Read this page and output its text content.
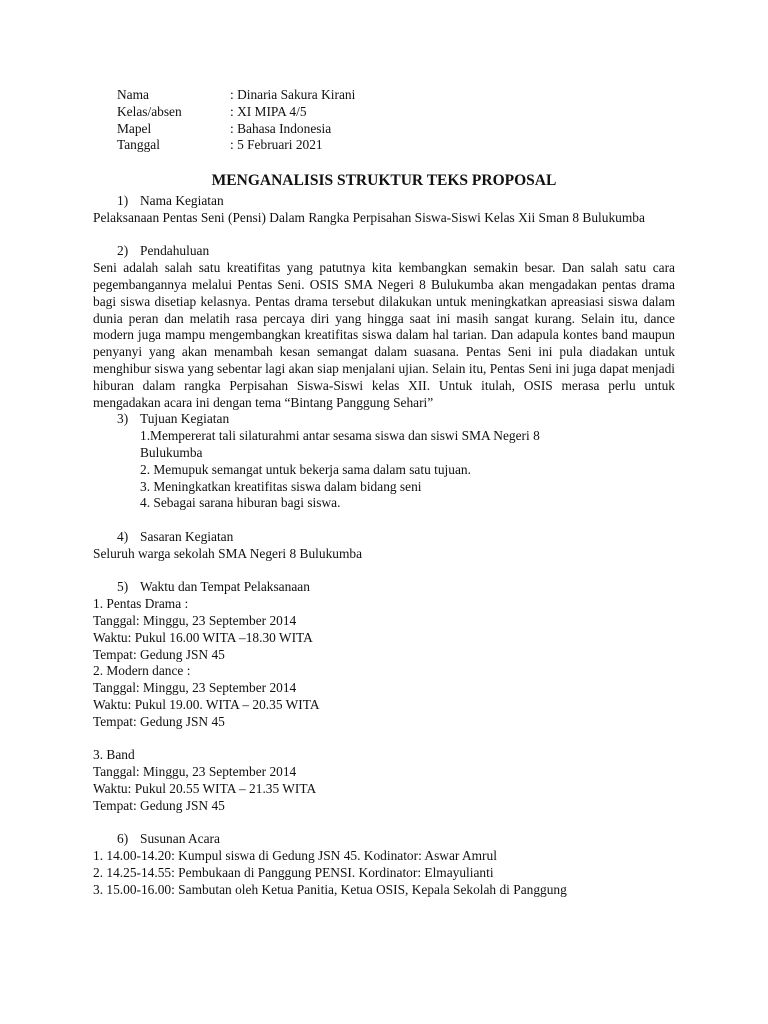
Nama	: Dinaria Sakura Kirani
Kelas/absen	: XI MIPA 4/5
Mapel	: Bahasa Indonesia
Tanggal	: 5 Februari 2021
MENGANALISIS STRUKTUR TEKS PROPOSAL
1) Nama Kegiatan

Pelaksanaan Pentas Seni (Pensi) Dalam Rangka Perpisahan Siswa-Siswi Kelas Xii Sman 8 Bulukumba

2) Pendahuluan

Seni adalah salah satu kreatifitas yang patutnya kita kembangkan semakin besar. Dan salah satu cara pegembangannya melalui Pentas Seni. OSIS SMA Negeri 8 Bulukumba akan mengadakan pentas drama bagi siswa disetiap kelasnya. Pentas drama tersebut dilakukan untuk meningkatkan apreasiasi siswa dalam dunia peran dan melatih rasa percaya diri yang hingga saat ini masih sangat kurang. Selain itu, dance modern juga mampu mengembangkan kreatifitas siswa dalam hal tarian. Dan adapula kontes band maupun penyanyi yang akan menambah kesan semangat dalam suasana. Pentas Seni ini pula diadakan untuk menghibur siswa yang sebentar lagi akan siap menjalani ujian. Selain itu, Pentas Seni ini juga dapat menjadi hiburan dalam rangka Perpisahan Siswa-Siswi kelas XII. Untuk itulah, OSIS merasa perlu untuk mengadakan acara ini dengan tema “Bintang Panggung Sehari”

3) Tujuan Kegiatan
1.Mempererat tali silaturahmi antar sesama siswa dan siswi SMA Negeri 8 Bulukumba
2. Memupuk semangat untuk bekerja sama dalam satu tujuan.
3. Meningkatkan kreatifitas siswa dalam bidang seni
4. Sebagai sarana hiburan bagi siswa.
4) Sasaran Kegiatan

Seluruh warga sekolah SMA Negeri 8 Bulukumba

5) Waktu dan Tempat Pelaksanaan
1. Pentas Drama :
Tanggal: Minggu, 23 September 2014
Waktu: Pukul 16.00 WITA –18.30 WITA
Tempat: Gedung JSN 45
2. Modern dance :
Tanggal: Minggu, 23 September 2014
Waktu: Pukul 19.00. WITA – 20.35 WITA
Tempat: Gedung JSN 45
3. Band
Tanggal: Minggu, 23 September 2014
Waktu: Pukul 20.55 WITA – 21.35 WITA
Tempat: Gedung JSN 45
6) Susunan Acara
1. 14.00-14.20: Kumpul siswa di Gedung JSN 45. Kodinator: Aswar Amrul
2. 14.25-14.55: Pembukaan di Panggung PENSI. Kordinator: Elmayulianti
3. 15.00-16.00: Sambutan oleh Ketua Panitia, Ketua OSIS, Kepala Sekolah di Panggung
